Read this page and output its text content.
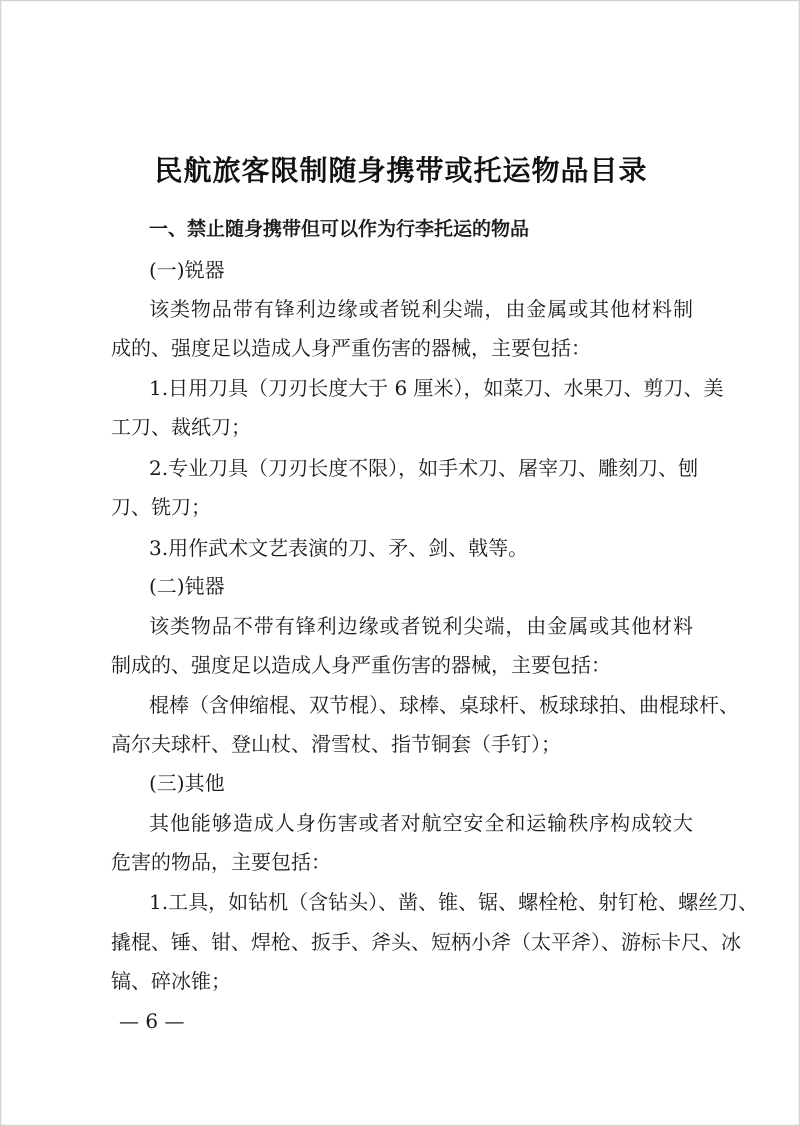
民航旅客限制随身携带或托运物品目录
一、禁止随身携带但可以作为行李托运的物品
(一)锐器
该类物品带有锋利边缘或者锐利尖端，由金属或其他材料制
成的、强度足以造成人身严重伤害的器械，主要包括：
1.日用刀具（刀刃长度大于 6 厘米），如菜刀、水果刀、剪刀、美
工刀、裁纸刀；
2.专业刀具（刀刃长度不限），如手术刀、屠宰刀、雕刻刀、刨
刀、铣刀；
3.用作武术文艺表演的刀、矛、剑、戟等。
(二)钝器
该类物品不带有锋利边缘或者锐利尖端，由金属或其他材料
制成的、强度足以造成人身严重伤害的器械，主要包括：
棍棒（含伸缩棍、双节棍）、球棒、桌球杆、板球球拍、曲棍球杆、
高尔夫球杆、登山杖、滑雪杖、指节铜套（手钉）；
(三)其他
其他能够造成人身伤害或者对航空安全和运输秩序构成较大
危害的物品，主要包括：
1.工具，如钻机（含钻头）、凿、锥、锯、螺栓枪、射钉枪、螺丝刀、
撬棍、锤、钳、焊枪、扳手、斧头、短柄小斧（太平斧）、游标卡尺、冰
镐、碎冰锥；
— 6 —
